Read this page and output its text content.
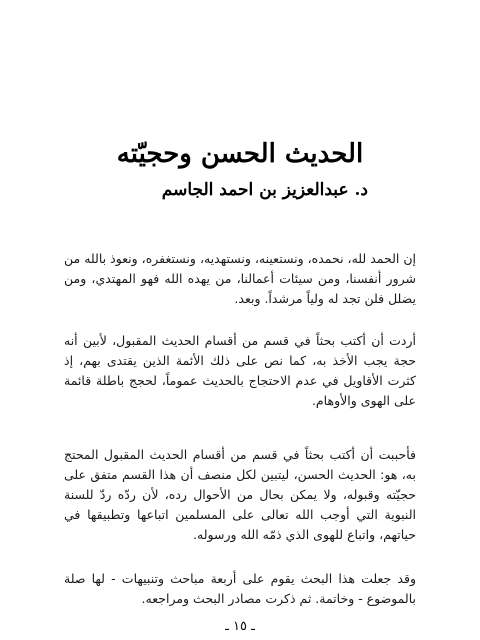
الحديث الحسن وحجيّته
د. عبدالعزيز بن احمد الجاسم

إن الحمد لله، نحمده، ونستعينه، ونستهديه، ونستغفره، ونعوذ بالله من شرور أنفسنا، ومن سيئات أعمالنا، من يهده الله فهو المهتدي، ومن يضلل فلن تجد له ولياً مرشداً. وبعد.

أردت أن أكتب بحثاً في قسم من أقسام الحديث المقبول، لأبين أنه حجة يجب الأخذ به، كما نص على ذلك الأئمة الذين يقتدى بهم، إذ كثرت الأقاويل في عدم الاحتجاج بالحديث عموماً، لحجج باطلة قائمة على الهوى والأوهام.

فأحببت أن أكتب بحثاً في قسم من أقسام الحديث المقبول المحتج به، هو: الحديث الحسن، ليتبين لكل منصف أن هذا القسم متفق على حجيّته وقبوله، ولا يمكن بحال من الأحوال رده، لأن ردّه ردّ للسنة النبوية التي أوجب الله تعالى على المسلمين اتباعها وتطبيقها في حياتهم، واتباع للهوى الذي ذمّه الله ورسوله.

وقد جعلت هذا البحث يقوم على أربعة مباحث وتنبيهات - لها صلة بالموضوع - وخاتمة. ثم ذكرت مصادر البحث ومراجعه.

ـ ١٥ ـ
